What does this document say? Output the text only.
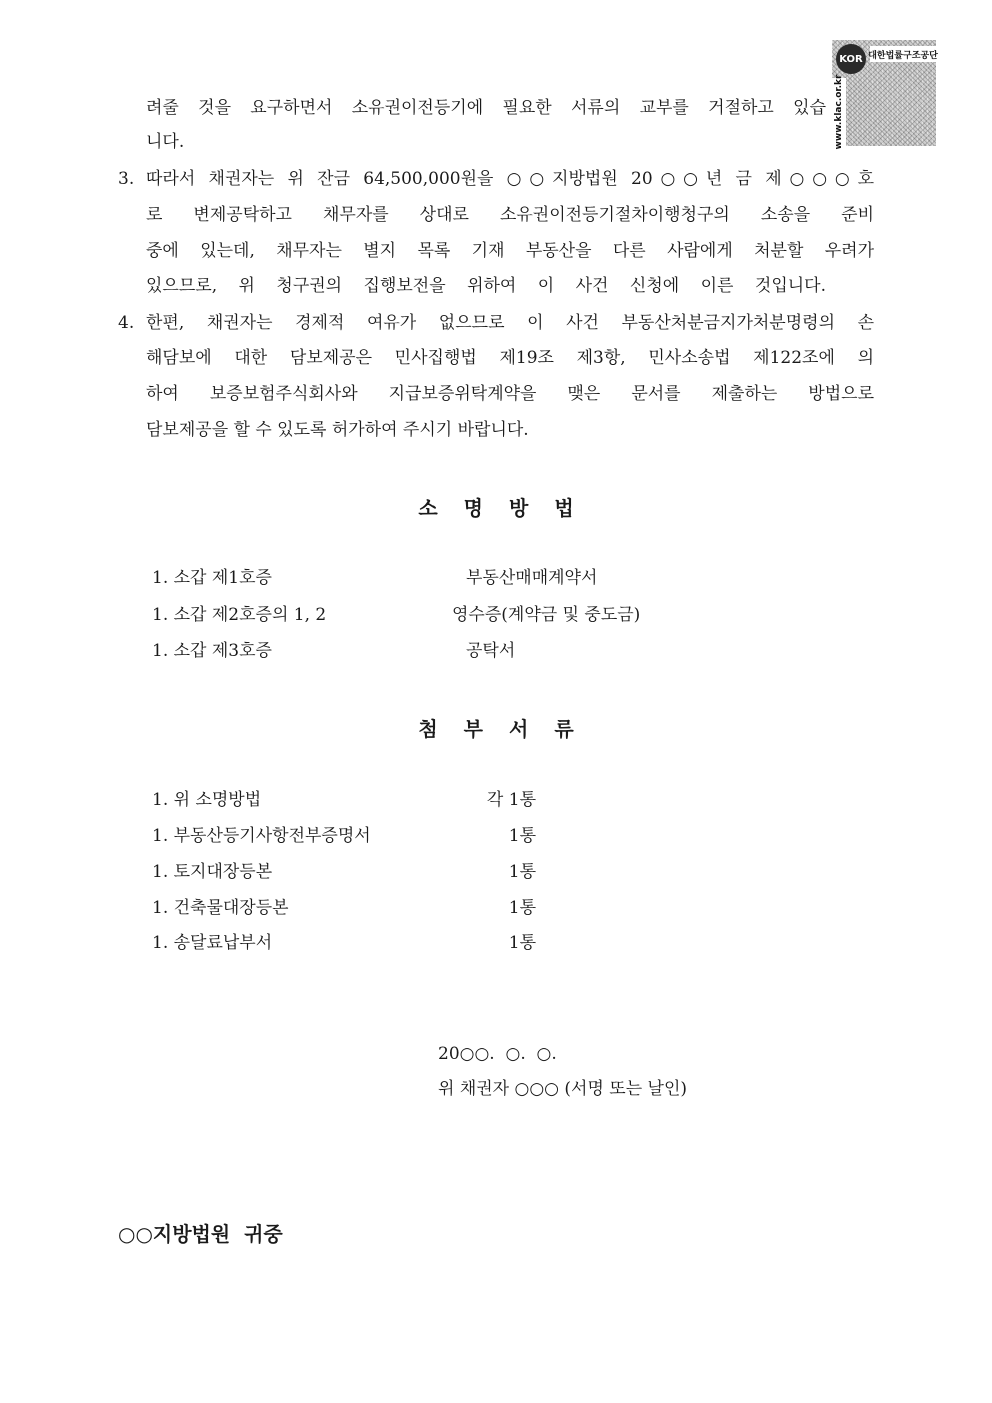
KOR 대한법률구조공단
www.klac.or.kr
려줄 것을 요구하면서 소유권이전등기에 필요한 서류의 교부를 거절하고 있습
니다.
3. 따라서 채권자는 위 잔금 64,500,000원을 ○○지방법원 20○○년 금 제○○○호
로 변제공탁하고 채무자를 상대로 소유권이전등기절차이행청구의 소송을 준비
중에 있는데, 채무자는 별지 목록 기재 부동산을 다른 사람에게 처분할 우려가
있으므로, 위 청구권의 집행보전을 위하여 이 사건 신청에 이른 것입니다.
4. 한편, 채권자는 경제적 여유가 없으므로 이 사건 부동산처분금지가처분명령의 손
해담보에 대한 담보제공은 민사집행법 제19조 제3항, 민사소송법 제122조에 의
하여 보증보험주식회사와 지급보증위탁계약을 맺은 문서를 제출하는 방법으로
담보제공을 할 수 있도록 허가하여 주시기 바랍니다.
소명방법
1. 소갑 제1호증	부동산매매계약서
1. 소갑 제2호증의 1, 2	영수증(계약금 및 중도금)
1. 소갑 제3호증	공탁서
첨부서류
1. 위 소명방법	각 1통
1. 부동산등기사항전부증명서	1통
1. 토지대장등본	1통
1. 건축물대장등본	1통
1. 송달료납부서	1통
20○○.  ○.  ○.
위 채권자 ○○○ (서명 또는 날인)
○○지방법원  귀중
